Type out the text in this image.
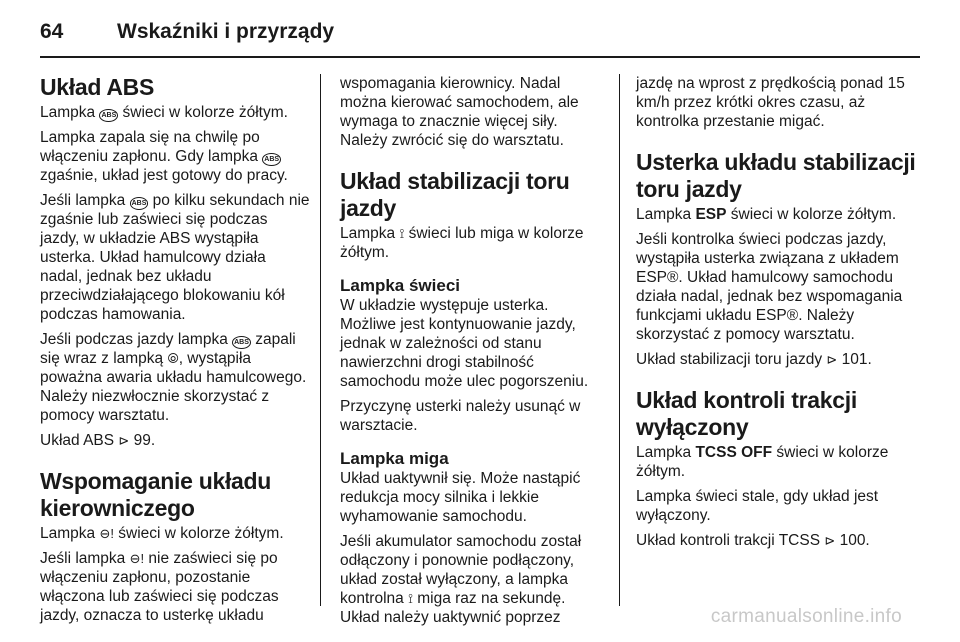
64	Wskaźniki i przyrządy
Układ ABS

Lampka ABS świeci w kolorze żółtym.

Lampka zapala się na chwilę po włączeniu zapłonu. Gdy lampka ABS zgaśnie, układ jest gotowy do pracy.

Jeśli lampka ABS po kilku sekundach nie zgaśnie lub zaświeci się podczas jazdy, w układzie ABS wystąpiła usterka. Układ hamulcowy działa nadal, jednak bez układu przeciwdziałającego blokowaniu kół podczas hamowania.

Jeśli podczas jazdy lampka ABS zapali się wraz z lampką ⦾, wystąpiła poważna awaria układu hamulcowego. Należy niezwłocznie skorzystać z pomocy warsztatu.

Układ ABS ⊳ 99.

Wspomaganie układu kierowniczego

Lampka ⊖! świeci w kolorze żółtym.

Jeśli lampka ⊖! nie zaświeci się po włączeniu zapłonu, pozostanie włączona lub zaświeci się podczas jazdy, oznacza to usterkę układu

wspomagania kierownicy. Nadal można kierować samochodem, ale wymaga to znacznie więcej siły. Należy zwrócić się do warsztatu.

Układ stabilizacji toru jazdy

Lampka ⟟ świeci lub miga w kolorze żółtym.

Lampka świeci

W układzie występuje usterka. Możliwe jest kontynuowanie jazdy, jednak w zależności od stanu nawierzchni drogi stabilność samochodu może ulec pogorszeniu.

Przyczynę usterki należy usunąć w warsztacie.

Lampka miga

Układ uaktywnił się. Może nastąpić redukcja mocy silnika i lekkie wyhamowanie samochodu.

Jeśli akumulator samochodu został odłączony i ponownie podłączony, układ został wyłączony, a lampka kontrolna ⟟ miga raz na sekundę. Układ należy uaktywnić poprzez

jazdę na wprost z prędkością ponad 15 km/h przez krótki okres czasu, aż kontrolka przestanie migać.

Usterka układu stabilizacji toru jazdy

Lampka ESP świeci w kolorze żółtym.

Jeśli kontrolka świeci podczas jazdy, wystąpiła usterka związana z układem ESP®. Układ hamulcowy samochodu działa nadal, jednak bez wspomagania funkcjami układu ESP®. Należy skorzystać z pomocy warsztatu.

Układ stabilizacji toru jazdy ⊳ 101.

Układ kontroli trakcji wyłączony

Lampka TCSS OFF świeci w kolorze żółtym.

Lampka świeci stale, gdy układ jest wyłączony.

Układ kontroli trakcji TCSS ⊳ 100.

carmanualsonline.info
